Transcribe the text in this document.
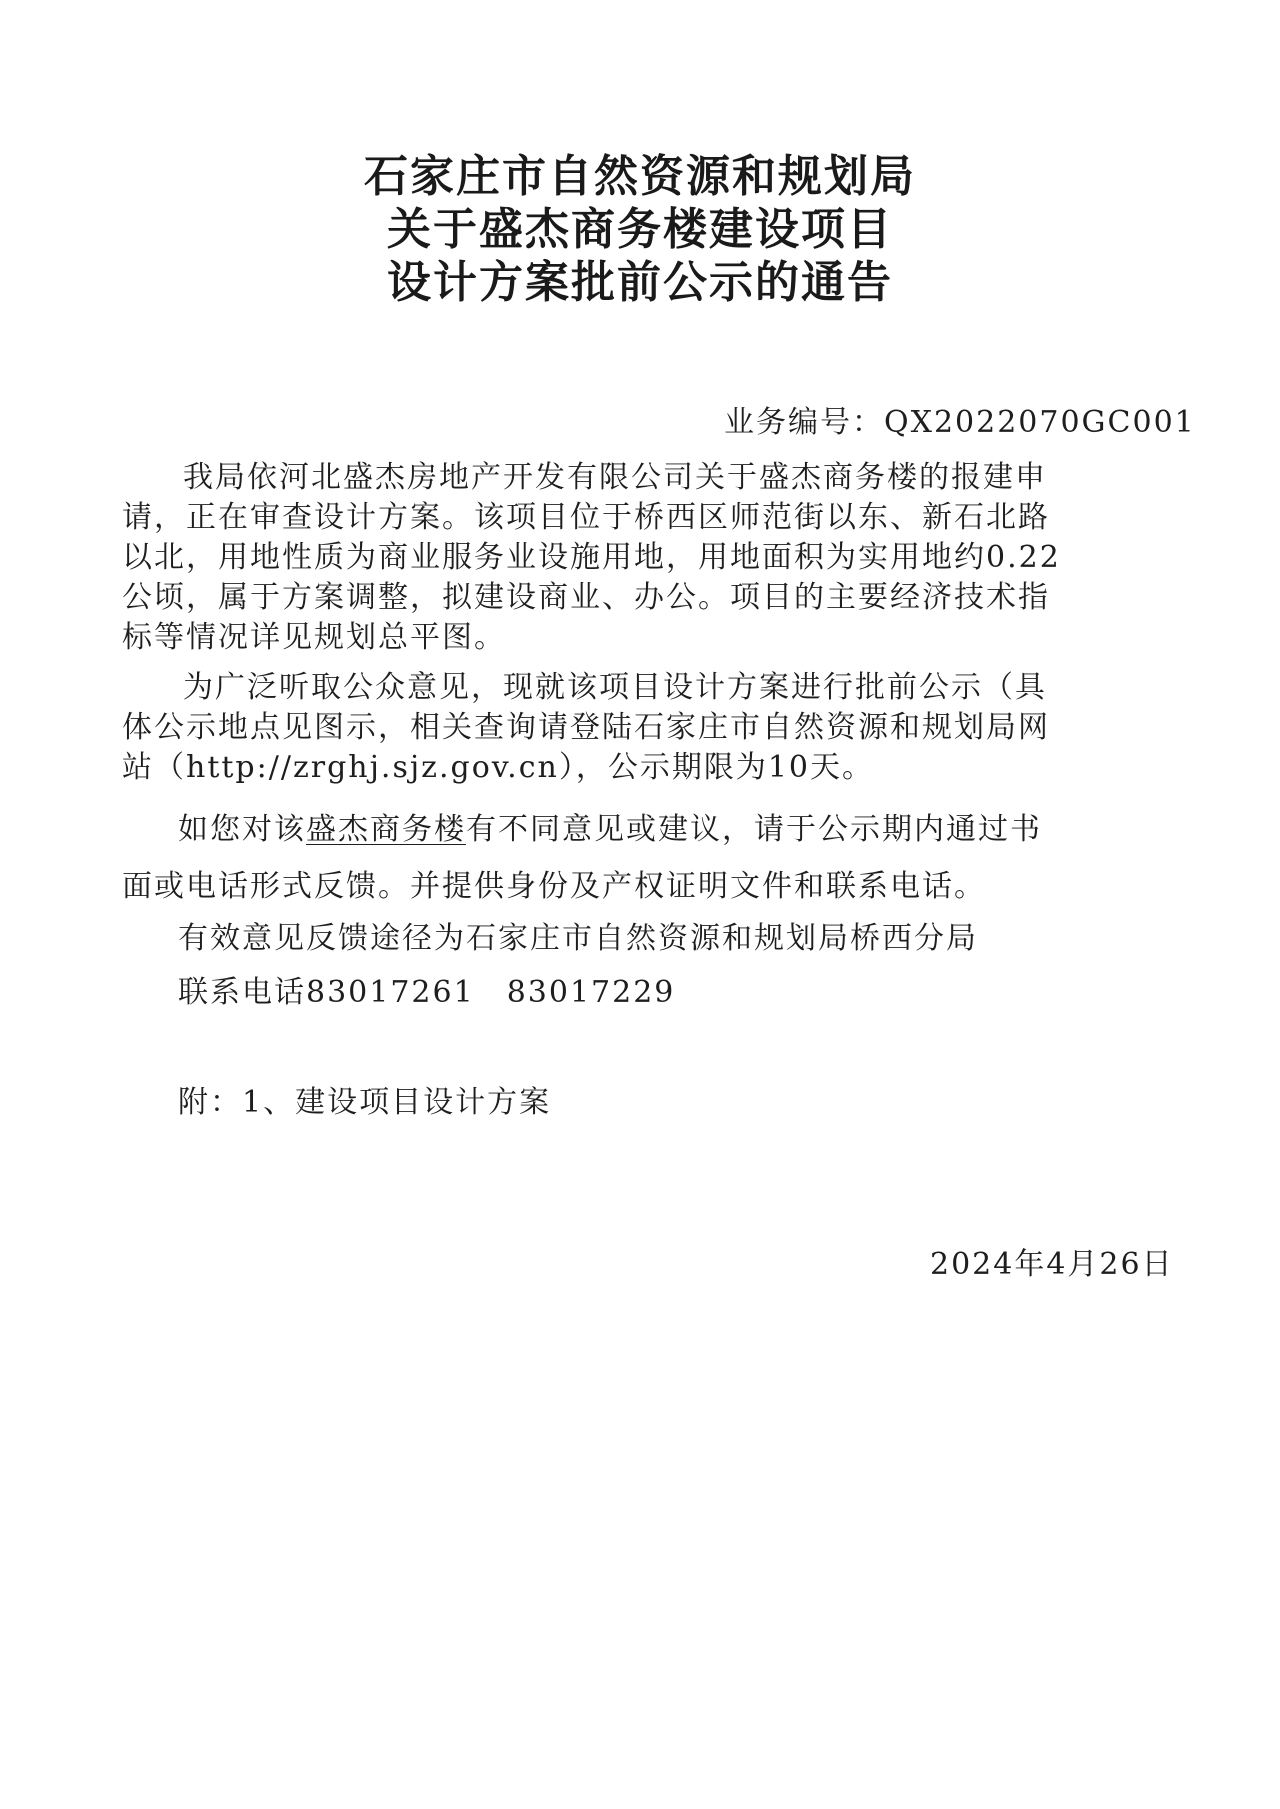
石家庄市自然资源和规划局
关于盛杰商务楼建设项目
设计方案批前公示的通告
业务编号：QX2022070GC001
我局依河北盛杰房地产开发有限公司关于盛杰商务楼的报建申
请，正在审查设计方案。该项目位于桥西区师范街以东、新石北路
以北，用地性质为商业服务业设施用地，用地面积为实用地约0.22
公顷，属于方案调整，拟建设商业、办公。项目的主要经济技术指
标等情况详见规划总平图。
为广泛听取公众意见，现就该项目设计方案进行批前公示（具
体公示地点见图示，相关查询请登陆石家庄市自然资源和规划局网
站（http://zrghj.sjz.gov.cn），公示期限为10天。
如您对该盛杰商务楼有不同意见或建议，请于公示期内通过书
面或电话形式反馈。并提供身份及产权证明文件和联系电话。
有效意见反馈途径为石家庄市自然资源和规划局桥西分局
联系电话83017261　83017229
附：1、建设项目设计方案
2024年4月26日
